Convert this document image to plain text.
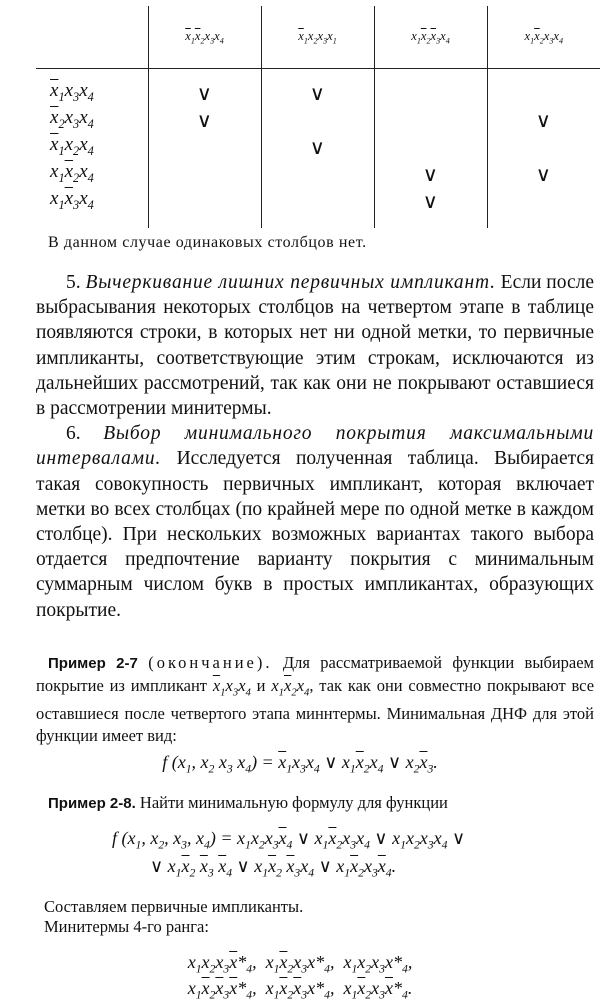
	$\overline{x}_1\overline{x}_2x_3x_4$	$\overline{x}_1x_2x_3x_1$	$x_1\overline{x}_2\overline{x}_3x_4$	$x_1\overline{x}_2x_3x_4$

$\overline{x}_1x_3x_4$	∨	∨		
$\overline{x}_2x_3x_4$	∨			∨
$\overline{x}_1x_2x_4$		∨		
$x_1\overline{x}_2x_4$			∨	∨
$x_1\overline{x}_3x_4$			∨	

В данном случае одинаковых столбцов нет.

5. Вычеркивание лишних первичных импликант. Если после выбрасывания некоторых столбцов на четвертом этапе в таблице появляются строки, в которых нет ни одной метки, то первичные импликанты, соответствующие этим строкам, исключаются из дальнейших рассмотрений, так как они не покрывают оставшиеся в рассмотрении минитермы.

6. Выбор минимального покрытия максимальными интервалами. Исследуется полученная таблица. Выбирается такая совокупность первичных импликант, которая включает метки во всех столбцах (по крайней мере по одной метке в каждом столбце). При нескольких возможных вариантах такого выбора отдается предпочтение варианту покрытия с минимальным суммарным числом букв в простых импликантах, образующих покрытие.

Пример 2-7 (окончание). Для рассматриваемой функции выбираем покрытие из импликант $\overline{x}_1x_3x_4$ и $x_1\overline{x}_2x_4$, так как они совместно покрывают все оставшиеся после четвертого этапа миннтермы. Минимальная ДНФ для этой функции имеет вид:

f ($x_1$, $x_2$ $x_3$ $x_4) = \overline{x}_1x_3x_4$ ∨ $x_1\overline{x}_2x_4$ ∨ $x_2\overline{x}_3$.

Пример 2-8. Найти минимальную формулу для функции

f ($x_1$, $x_2$, $x_3$, $x_4) = x_1x_2x_3\overline{x}_4$ ∨ $x_1\overline{x}_2x_3x_4$ ∨ $x_1x_2x_3x_4$ ∨
∨ $x_1\overline{x}_2$ $\overline{x}_3$ $\overline{x}_4$ ∨ $x_1\overline{x}_2$ $\overline{x}_3x_4$ ∨ $x_1\overline{x}_2x_3\overline{x}_4$.
Составляем первичные импликанты.
Минитермы 4-го ранга:
$x_1x_2x_3\overline{x}*_4$,  $x_1\overline{x}_2x_3x*_4$,  $x_1x_2x_3x*_4$,
$x_1\overline{x}_2\overline{x}_3\overline{x}*_4$,  $x_1\overline{x}_2\overline{x}_3x*_4$,  $x_1\overline{x}_2x_3\overline{x}*_4$.
